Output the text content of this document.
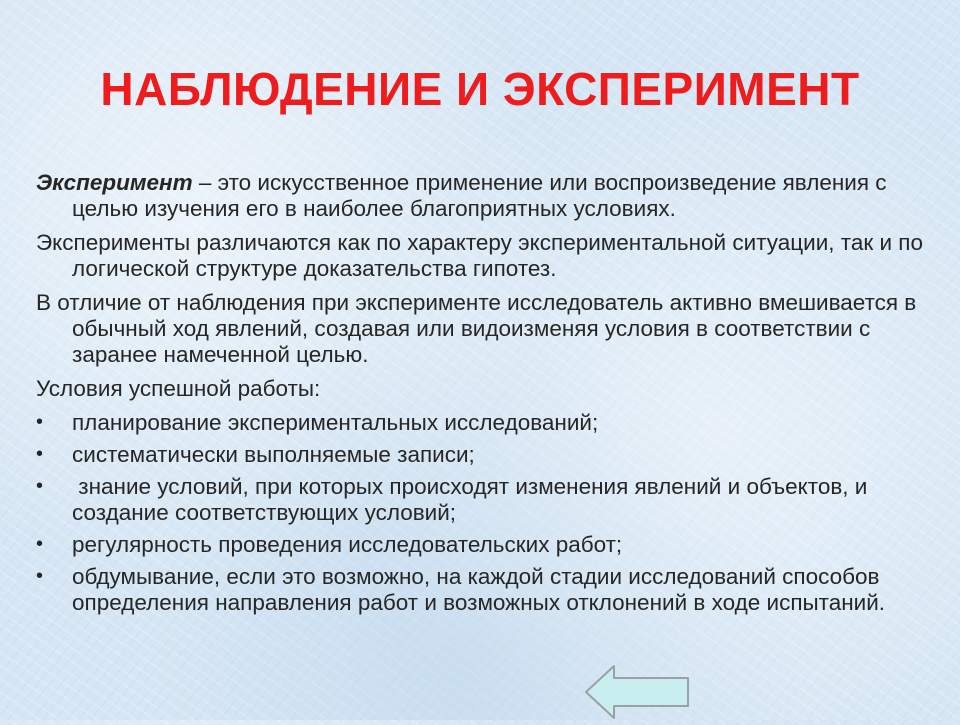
НАБЛЮДЕНИЕ И ЭКСПЕРИМЕНТ

Эксперимент – это искусственное применение или воспроизведение явления с целью изучения его в наиболее благоприятных условиях.

Эксперименты различаются как по характеру экспериментальной ситуации, так и по логической структуре доказательства гипотез.

В отличие от наблюдения при эксперименте исследователь активно вмешивается в обычный ход явлений, создавая или видоизменяя условия в соответствии с заранее намеченной целью.

Условия успешной работы:

• планирование экспериментальных исследований;
• систематически выполняемые записи;
• знание условий, при которых происходят изменения явлений и объектов, и создание соответствующих условий;
• регулярность проведения исследовательских работ;
• обдумывание, если это возможно, на каждой стадии исследований способов определения направления работ и возможных отклонений в ходе испытаний.
